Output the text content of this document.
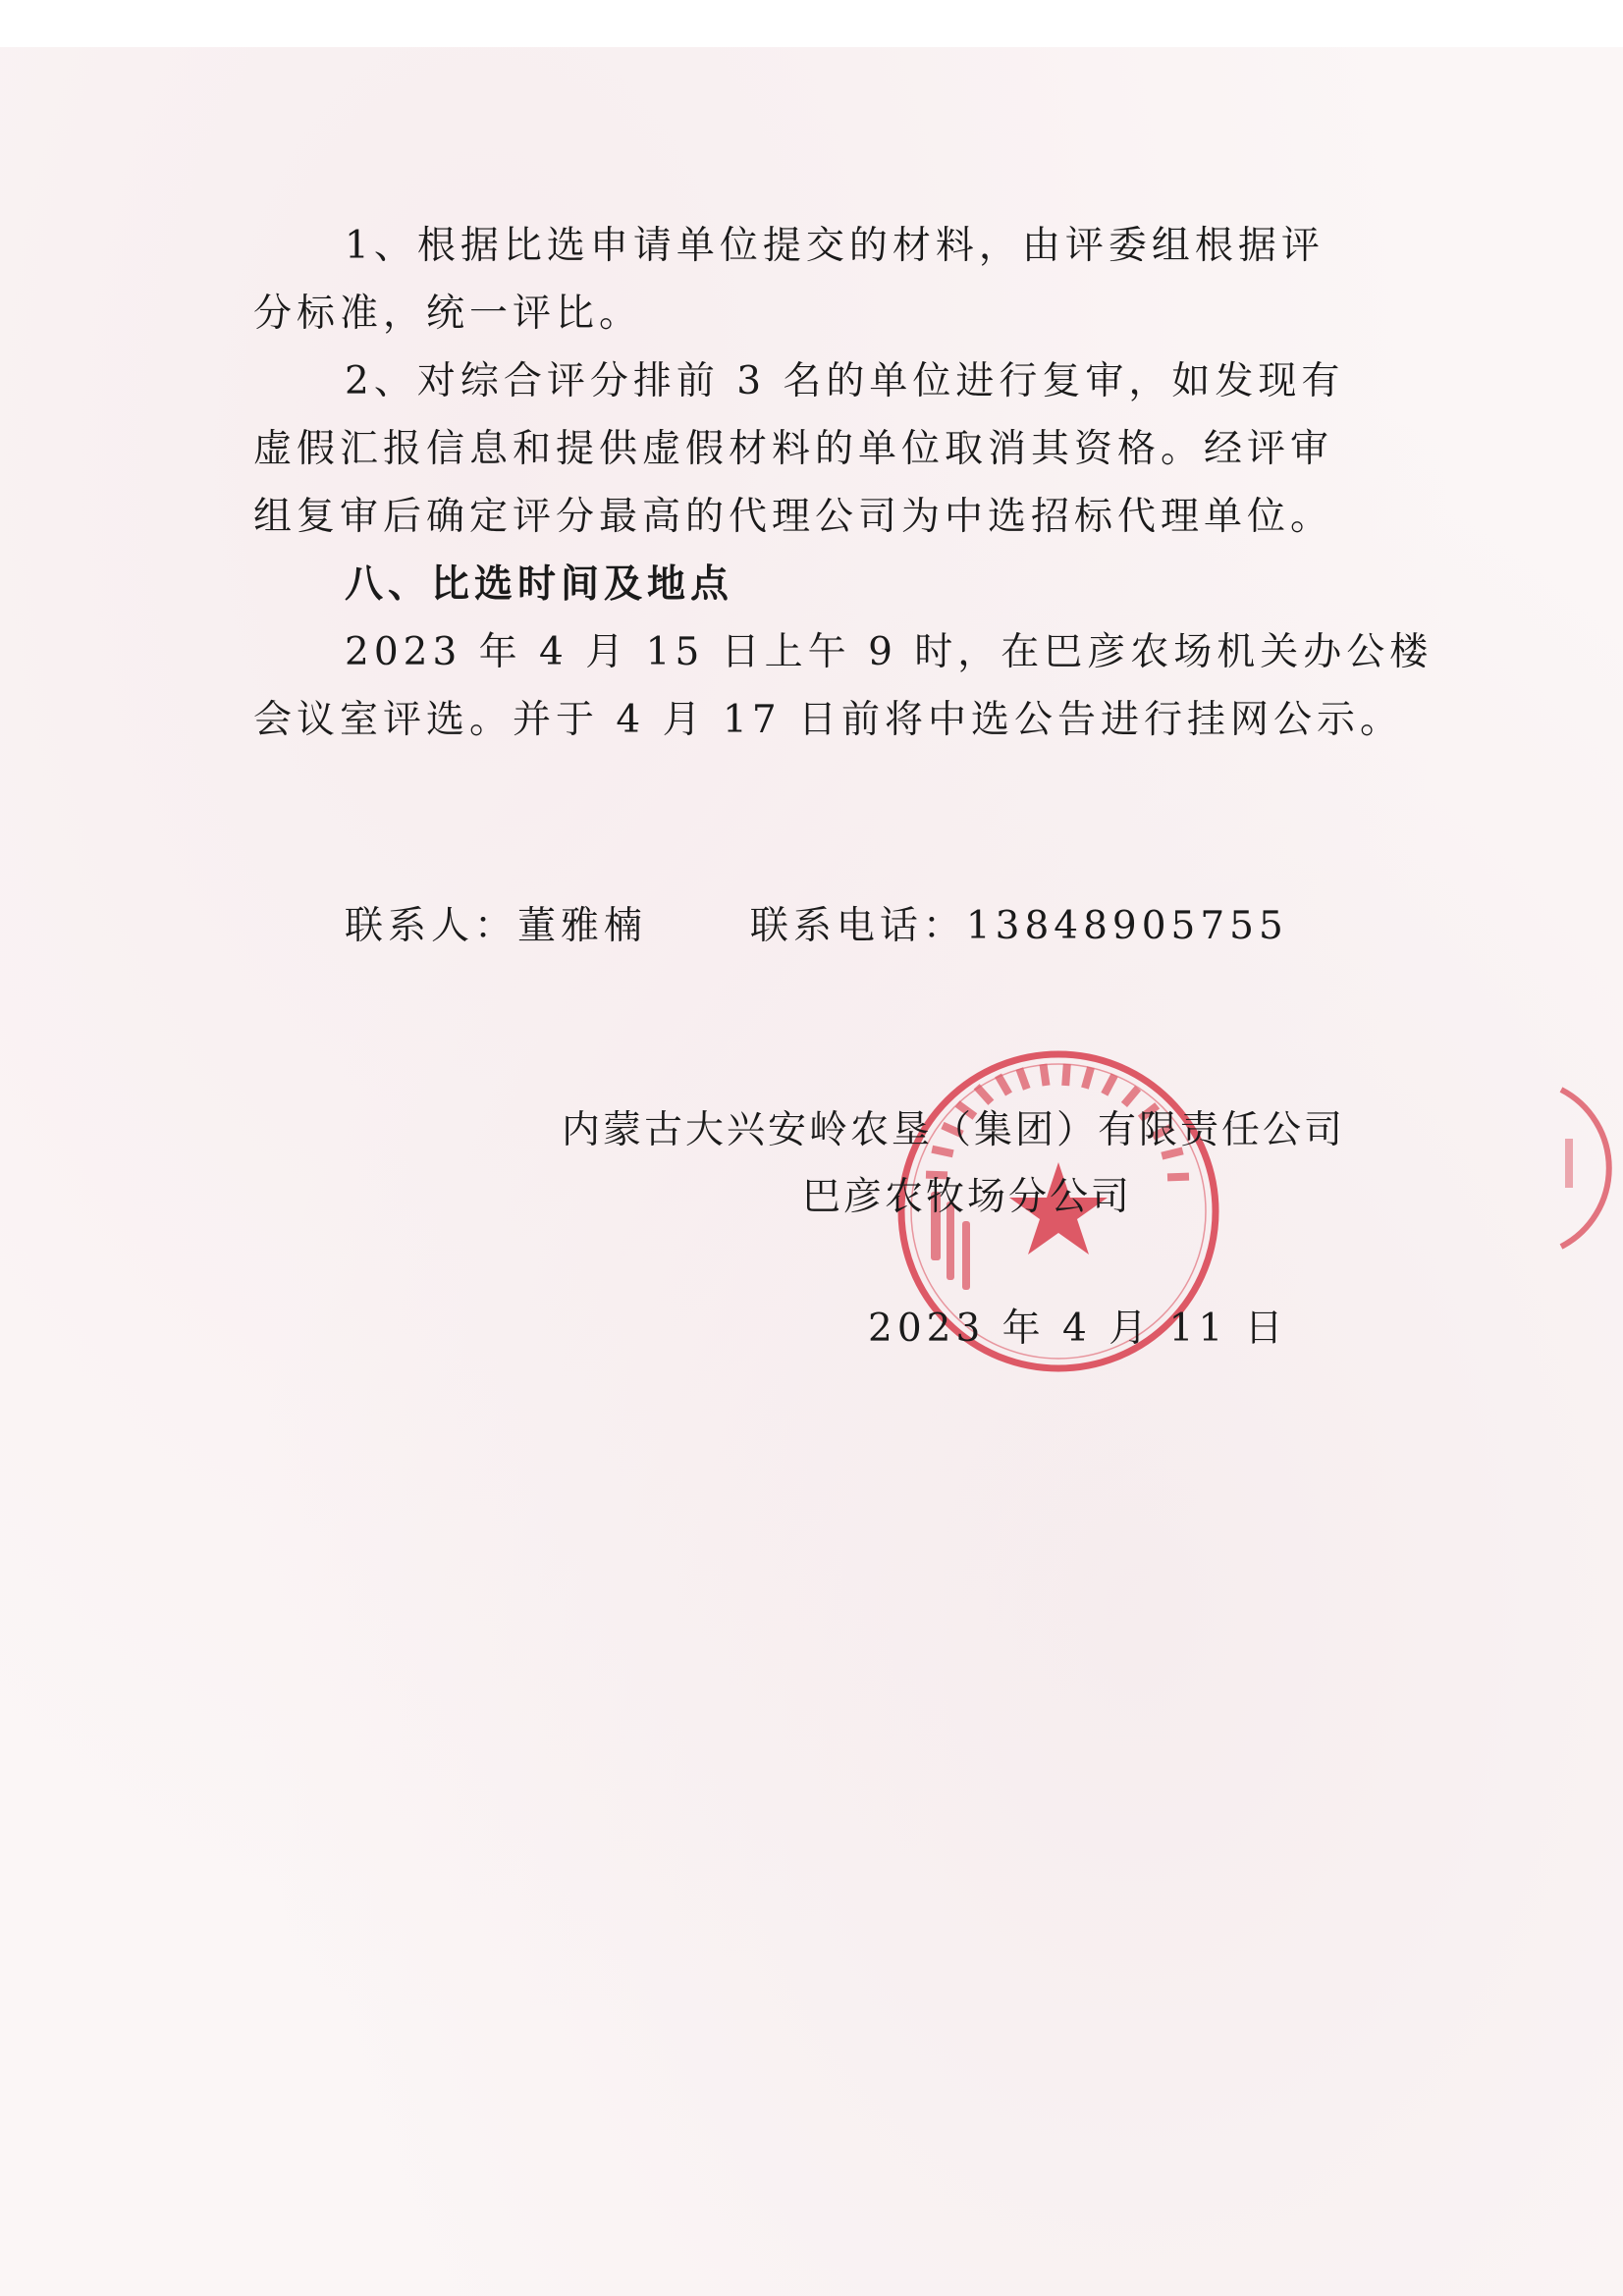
1、根据比选申请单位提交的材料，由评委组根据评
分标准，统一评比。

2、对综合评分排前 3 名的单位进行复审，如发现有
虚假汇报信息和提供虚假材料的单位取消其资格。经评审
组复审后确定评分最高的代理公司为中选招标代理单位。

八、比选时间及地点

2023 年 4 月 15 日上午 9 时，在巴彦农场机关办公楼
会议室评选。并于 4 月 17 日前将中选公告进行挂网公示。

联系人：董雅楠	联系电话：13848905755
内蒙古大兴安岭农垦（集团）有限责任公司
巴彦农牧场分公司
2023 年 4 月 11 日
